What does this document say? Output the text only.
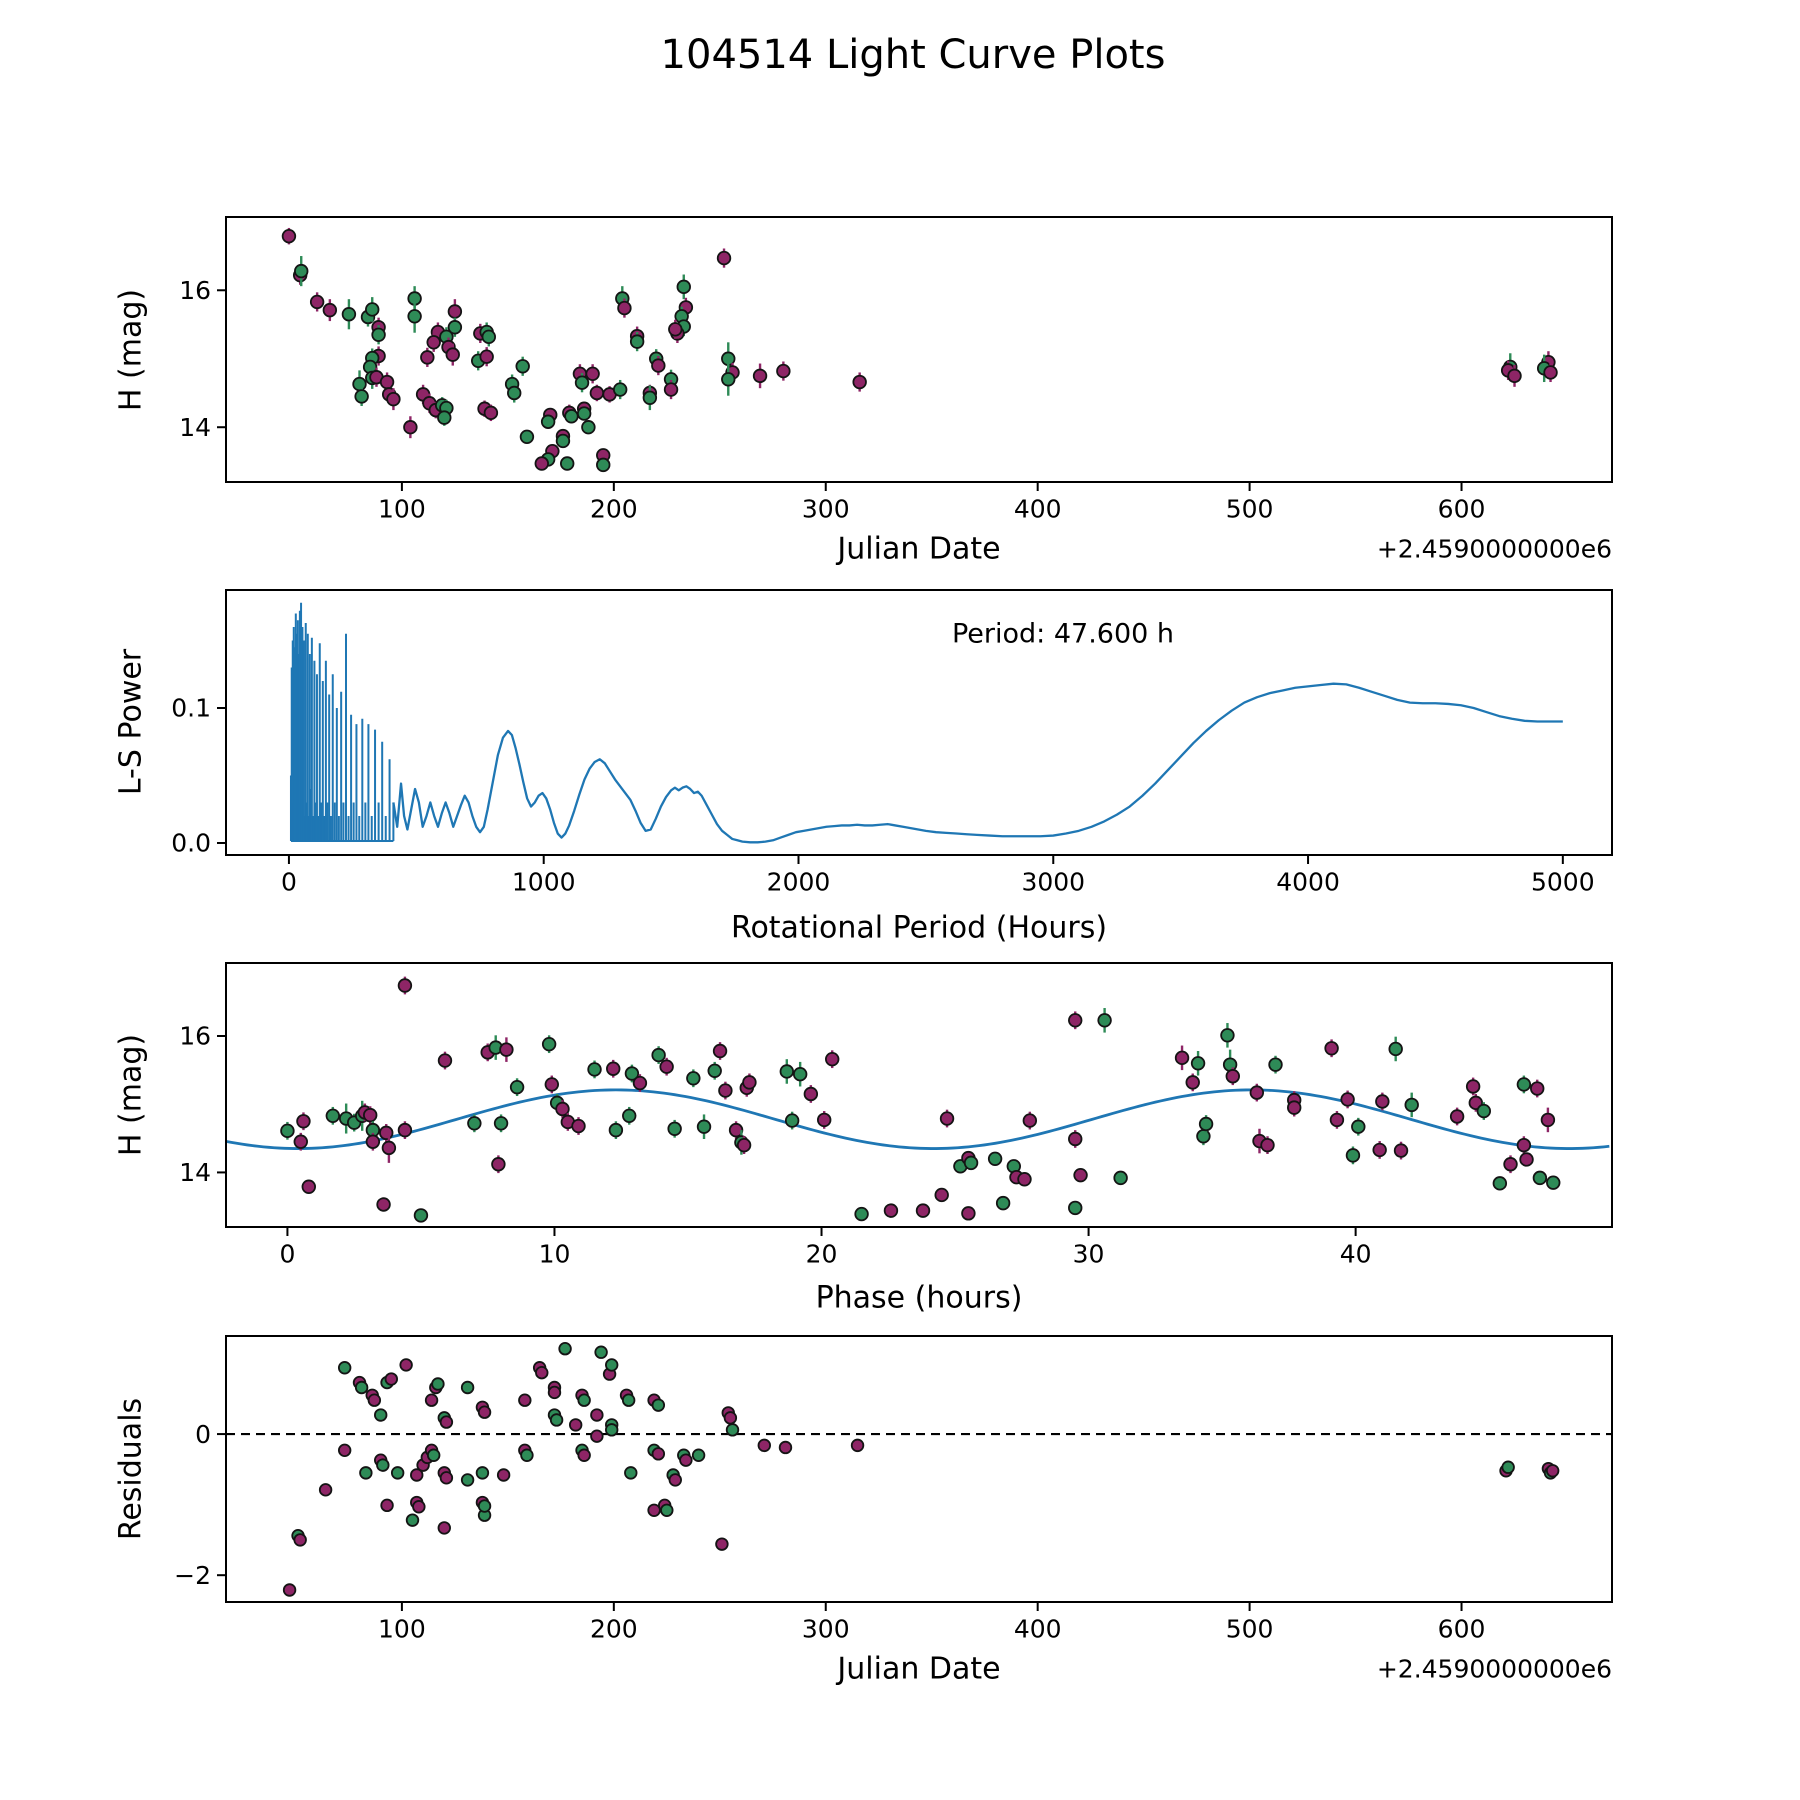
100	200	300	400	500	600
14
16
0	1000	2000	3000	4000	5000
0.0
0.1
0	10	20	30	40
14
16
100	200	300	400	500	600
−2
0
104514 Light Curve Plots
H (mag)
Julian Date	+2.4590000000e6
L-S Power
Period: 47.600 h
Rotational Period (Hours)
H (mag)
Phase (hours)
Residuals
Julian Date	+2.4590000000e6
